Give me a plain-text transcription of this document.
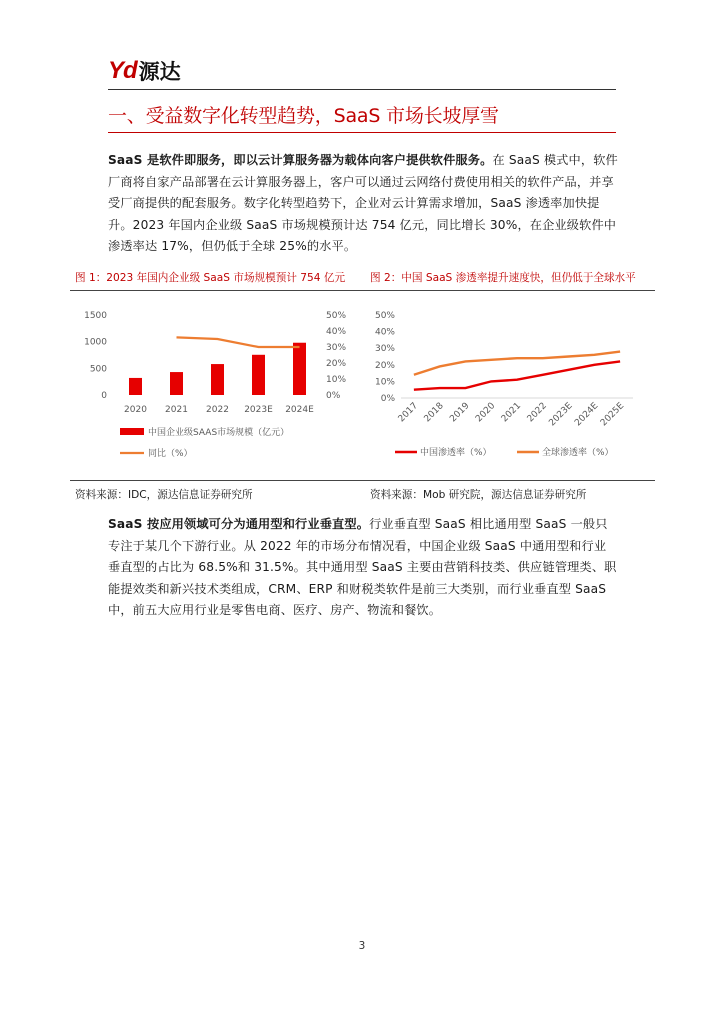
Yd 源达
一、受益数字化转型趋势，SaaS 市场长坡厚雪
SaaS 是软件即服务，即以云计算服务器为载体向客户提供软件服务。在 SaaS 模式中，软件厂商将自家产品部署在云计算服务器上，客户可以通过云网络付费使用相关的软件产品，并享受厂商提供的配套服务。数字化转型趋势下，企业对云计算需求增加，SaaS 渗透率加快提升。2023 年国内企业级 SaaS 市场规模预计达 754 亿元，同比增长 30%，在企业级软件中渗透率达 17%，但仍低于全球 25%的水平。
图 1：2023 年国内企业级 SaaS 市场规模预计 754 亿元 图 2：中国 SaaS 渗透率提升速度快，但仍低于全球水平
0
500
1000
1500
0%
10%
20%
30%
40%
50%
2020 2021 2022 2023E 2024E
中国企业级SAAS市场规模（亿元）
同比（%）
0%
10%
20%
30%
40%
50%
2017 2018 2019 2020 2021 2022
2023E
2024E
2025E
中国渗透率（%）	全球渗透率（%）
资料来源：IDC，源达信息证券研究所	资料来源：Mob 研究院，源达信息证券研究所
SaaS 按应用领域可分为通用型和行业垂直型。行业垂直型 SaaS 相比通用型 SaaS 一般只专注于某几个下游行业。从 2022 年的市场分布情况看，中国企业级 SaaS 中通用型和行业垂直型的占比为 68.5%和 31.5%。其中通用型 SaaS 主要由营销科技类、供应链管理类、职能提效类和新兴技术类组成，CRM、ERP 和财税类软件是前三大类别，而行业垂直型 SaaS 中，前五大应用行业是零售电商、医疗、房产、物流和餐饮。
3
